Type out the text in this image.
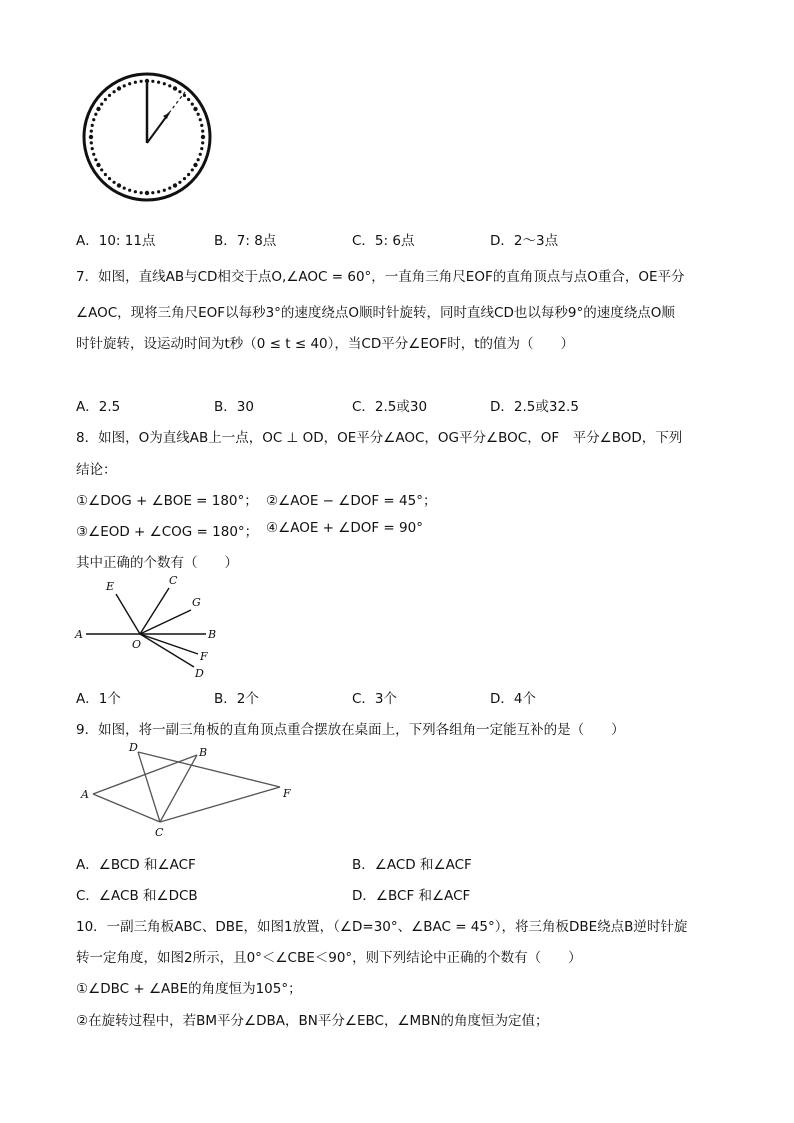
A．10: 11点	B．7: 8点	C．5: 6点	D．2～3点
7．如图，直线AB与CD相交于点O,∠AOC = 60°，一直角三角尺EOF的直角顶点与点O重合，OE平分
∠AOC，现将三角尺EOF以每秒3°的速度绕点O顺时针旋转，同时直线CD也以每秒9°的速度绕点O顺
时针旋转，设运动时间为t秒（0 ≤ t ≤ 40），当CD平分∠EOF时，t的值为（　　）
A．2.5	B．30	C．2.5或30	D．2.5或32.5
8．如图，O为直线AB上一点，OC ⊥ OD，OE平分∠AOC，OG平分∠BOC，OF　平分∠BOD，下列
结论：
①∠DOG + ∠BOE = 180°； ②∠AOE − ∠DOF = 45°；
③∠EOD + ∠COG = 180°； ④∠AOE + ∠DOF = 90°
其中正确的个数有（　　）
E	C
G
A
O
B
F
D
A．1个	B．2个	C．3个	D．4个
9．如图，将一副三角板的直角顶点重合摆放在桌面上，下列各组角一定能互补的是（　　）
D	B
A	F
C
A．∠BCD 和∠ACF	B．∠ACD 和∠ACF
C．∠ACB 和∠DCB	D．∠BCF 和∠ACF
10．一副三角板ABC、DBE，如图1放置，（∠D=30°、∠BAC = 45°），将三角板DBE绕点B逆时针旋
转一定角度，如图2所示，且0°＜∠CBE＜90°，则下列结论中正确的个数有（　　）
①∠DBC + ∠ABE的角度恒为105°；
②在旋转过程中，若BM平分∠DBA，BN平分∠EBC，∠MBN的角度恒为定值；
